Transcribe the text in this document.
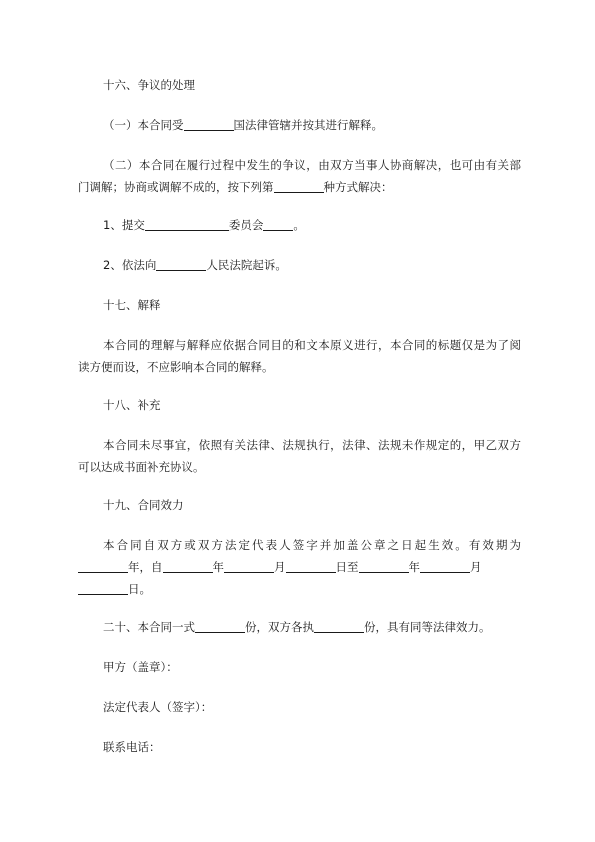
十六、争议的处理
（一）本合同受	国法律管辖并按其进行解释。
（二）本合同在履行过程中发生的争议，由双方当事人协商解决，也可由有关部
门调解；协商或调解不成的，按下列第	种方式解决：
1、提交	委员会	。
2、依法向	人民法院起诉。
十七、解释
本合同的理解与解释应依据合同目的和文本原义进行，本合同的标题仅是为了阅
读方便而设，不应影响本合同的解释。
十八、补充
本合同未尽事宜，依照有关法律、法规执行，法律、法规未作规定的，甲乙双方
可以达成书面补充协议。
十九、合同效力
本合同自双方或双方法定代表人签字并加盖公章之日起生效。有效期为
年，自	年	月	日至	年	月
日。
二十、本合同一式	份，双方各执	份，具有同等法律效力。
甲方（盖章）：
法定代表人（签字）：
联系电话：
